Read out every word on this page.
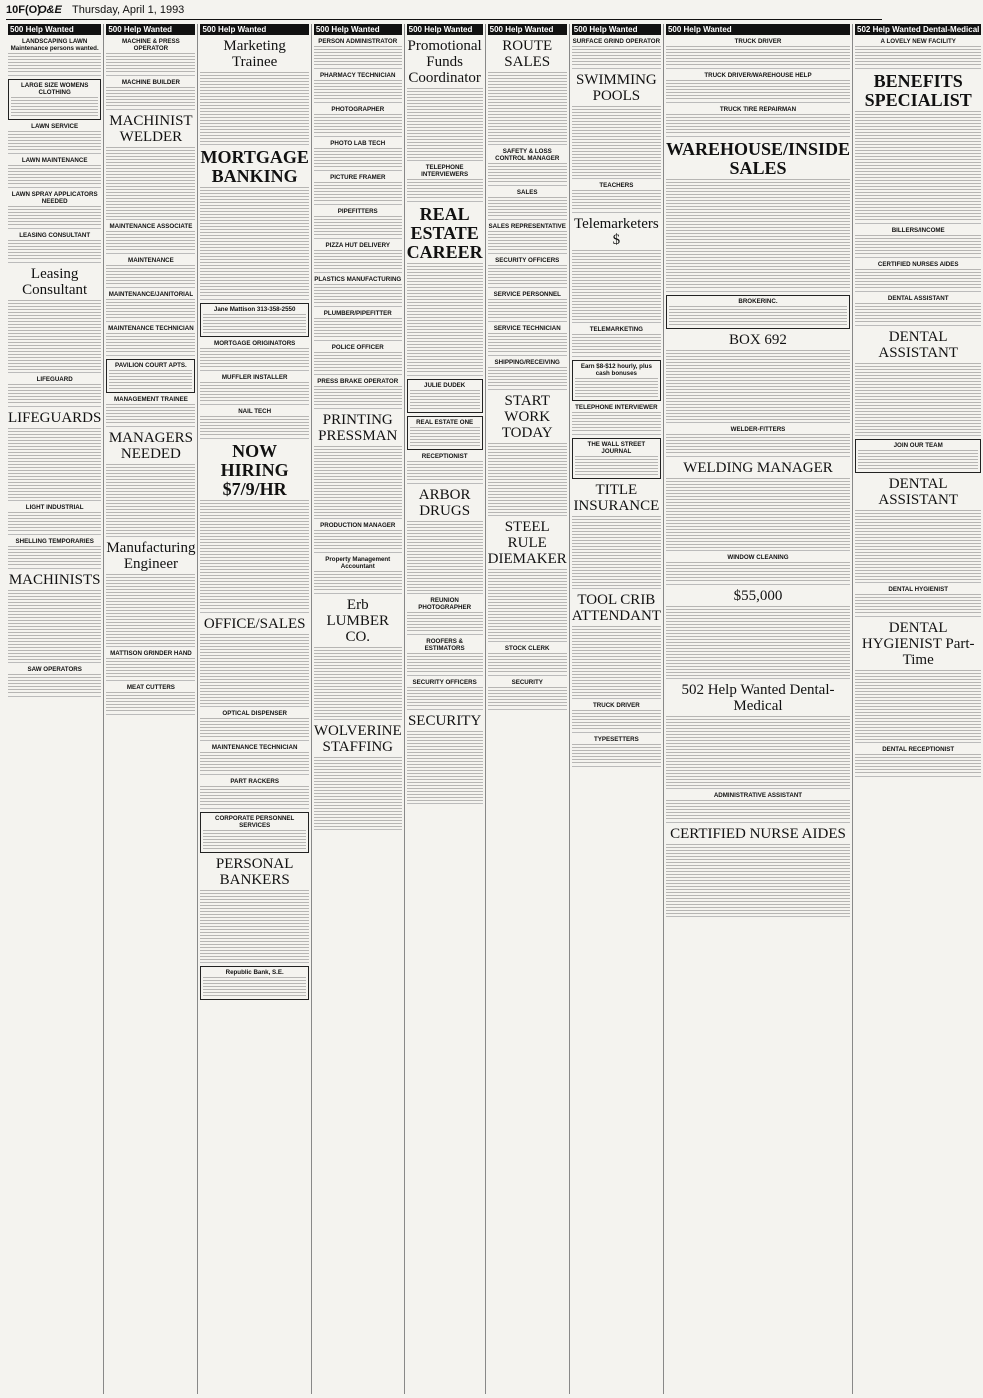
10F(O)
O&E Thursday, April 1, 1993
500 Help Wanted
LANDSCAPING LAWN Maintenance persons wanted.
LARGE SIZE WOMENS CLOTHING
LAWN SERVICE
LAWN MAINTENANCE
LAWN SPRAY APPLICATORS NEEDED
LEASING CONSULTANT
Leasing Consultant
LIFEGUARD
LIFEGUARDS
LIGHT INDUSTRIAL
SHELLING TEMPORARIES
MACHINISTS
SAW OPERATORS
500 Help Wanted
MACHINE & PRESS OPERATOR
MACHINE BUILDER
MACHINIST WELDER
MAINTENANCE ASSOCIATE
MAINTENANCE
MAINTENANCE/JANITORIAL
MAINTENANCE TECHNICIAN
PAVILION COURT APTS.
MANAGEMENT TRAINEE
MANAGERS NEEDED
Manufacturing Engineer
MATTISON GRINDER HAND
MEAT CUTTERS
500 Help Wanted
Marketing Trainee
MORTGAGE BANKING
Jane Mattison 313-358-2550
MORTGAGE ORIGINATORS
MUFFLER INSTALLER
NAIL TECH
NOW HIRING $7/9/HR
OFFICE/SALES
OPTICAL DISPENSER
MAINTENANCE TECHNICIAN
PART RACKERS
CORPORATE PERSONNEL SERVICES
PERSONAL BANKERS
Republic Bank, S.E.
500 Help Wanted
PERSON ADMINISTRATOR
PHARMACY TECHNICIAN
PHOTOGRAPHER
PHOTO LAB TECH
PICTURE FRAMER
PIPEFITTERS
PIZZA HUT DELIVERY
PLASTICS MANUFACTURING
PLUMBER/PIPEFITTER
POLICE OFFICER
PRESS BRAKE OPERATOR
PRINTING PRESSMAN
PRODUCTION MANAGER
Property Management Accountant
Erb LUMBER CO.
WOLVERINE STAFFING
500 Help Wanted
Promotional Funds Coordinator
TELEPHONE INTERVIEWERS
REAL ESTATE CAREER
JULIE DUDEK
REAL ESTATE ONE
RECEPTIONIST
ARBOR DRUGS
REUNION PHOTOGRAPHER
ROOFERS & ESTIMATORS
SECURITY OFFICERS
SECURITY
500 Help Wanted
ROUTE SALES
SAFETY & LOSS CONTROL MANAGER
SALES
SALES REPRESENTATIVE
SECURITY OFFICERS
SERVICE PERSONNEL
SERVICE TECHNICIAN
SHIPPING/RECEIVING
START WORK TODAY
STEEL RULE DIEMAKER
STOCK CLERK
SECURITY
500 Help Wanted
SURFACE GRIND OPERATOR
SWIMMING POOLS
TEACHERS
Telemarketers $
TELEMARKETING
Earn $8-$12 hourly, plus cash bonuses
TELEPHONE INTERVIEWER
THE WALL STREET JOURNAL
TITLE INSURANCE
TOOL CRIB ATTENDANT
TRUCK DRIVER
TYPESETTERS
500 Help Wanted
TRUCK DRIVER
TRUCK DRIVER/WAREHOUSE HELP
TRUCK TIRE REPAIRMAN
WAREHOUSE/INSIDE SALES
BROKERINC.
BOX 692
WELDER-FITTERS
WELDING MANAGER
WINDOW CLEANING
$55,000
502 Help Wanted Dental-Medical
ADMINISTRATIVE ASSISTANT
CERTIFIED NURSE AIDES
502 Help Wanted Dental-Medical
A LOVELY NEW FACILITY
BENEFITS SPECIALIST
BILLERS/INCOME
CERTIFIED NURSES AIDES
DENTAL ASSISTANT
DENTAL ASSISTANT
JOIN OUR TEAM
DENTAL ASSISTANT
DENTAL HYGIENIST
DENTAL HYGIENIST Part-Time
DENTAL RECEPTIONIST
